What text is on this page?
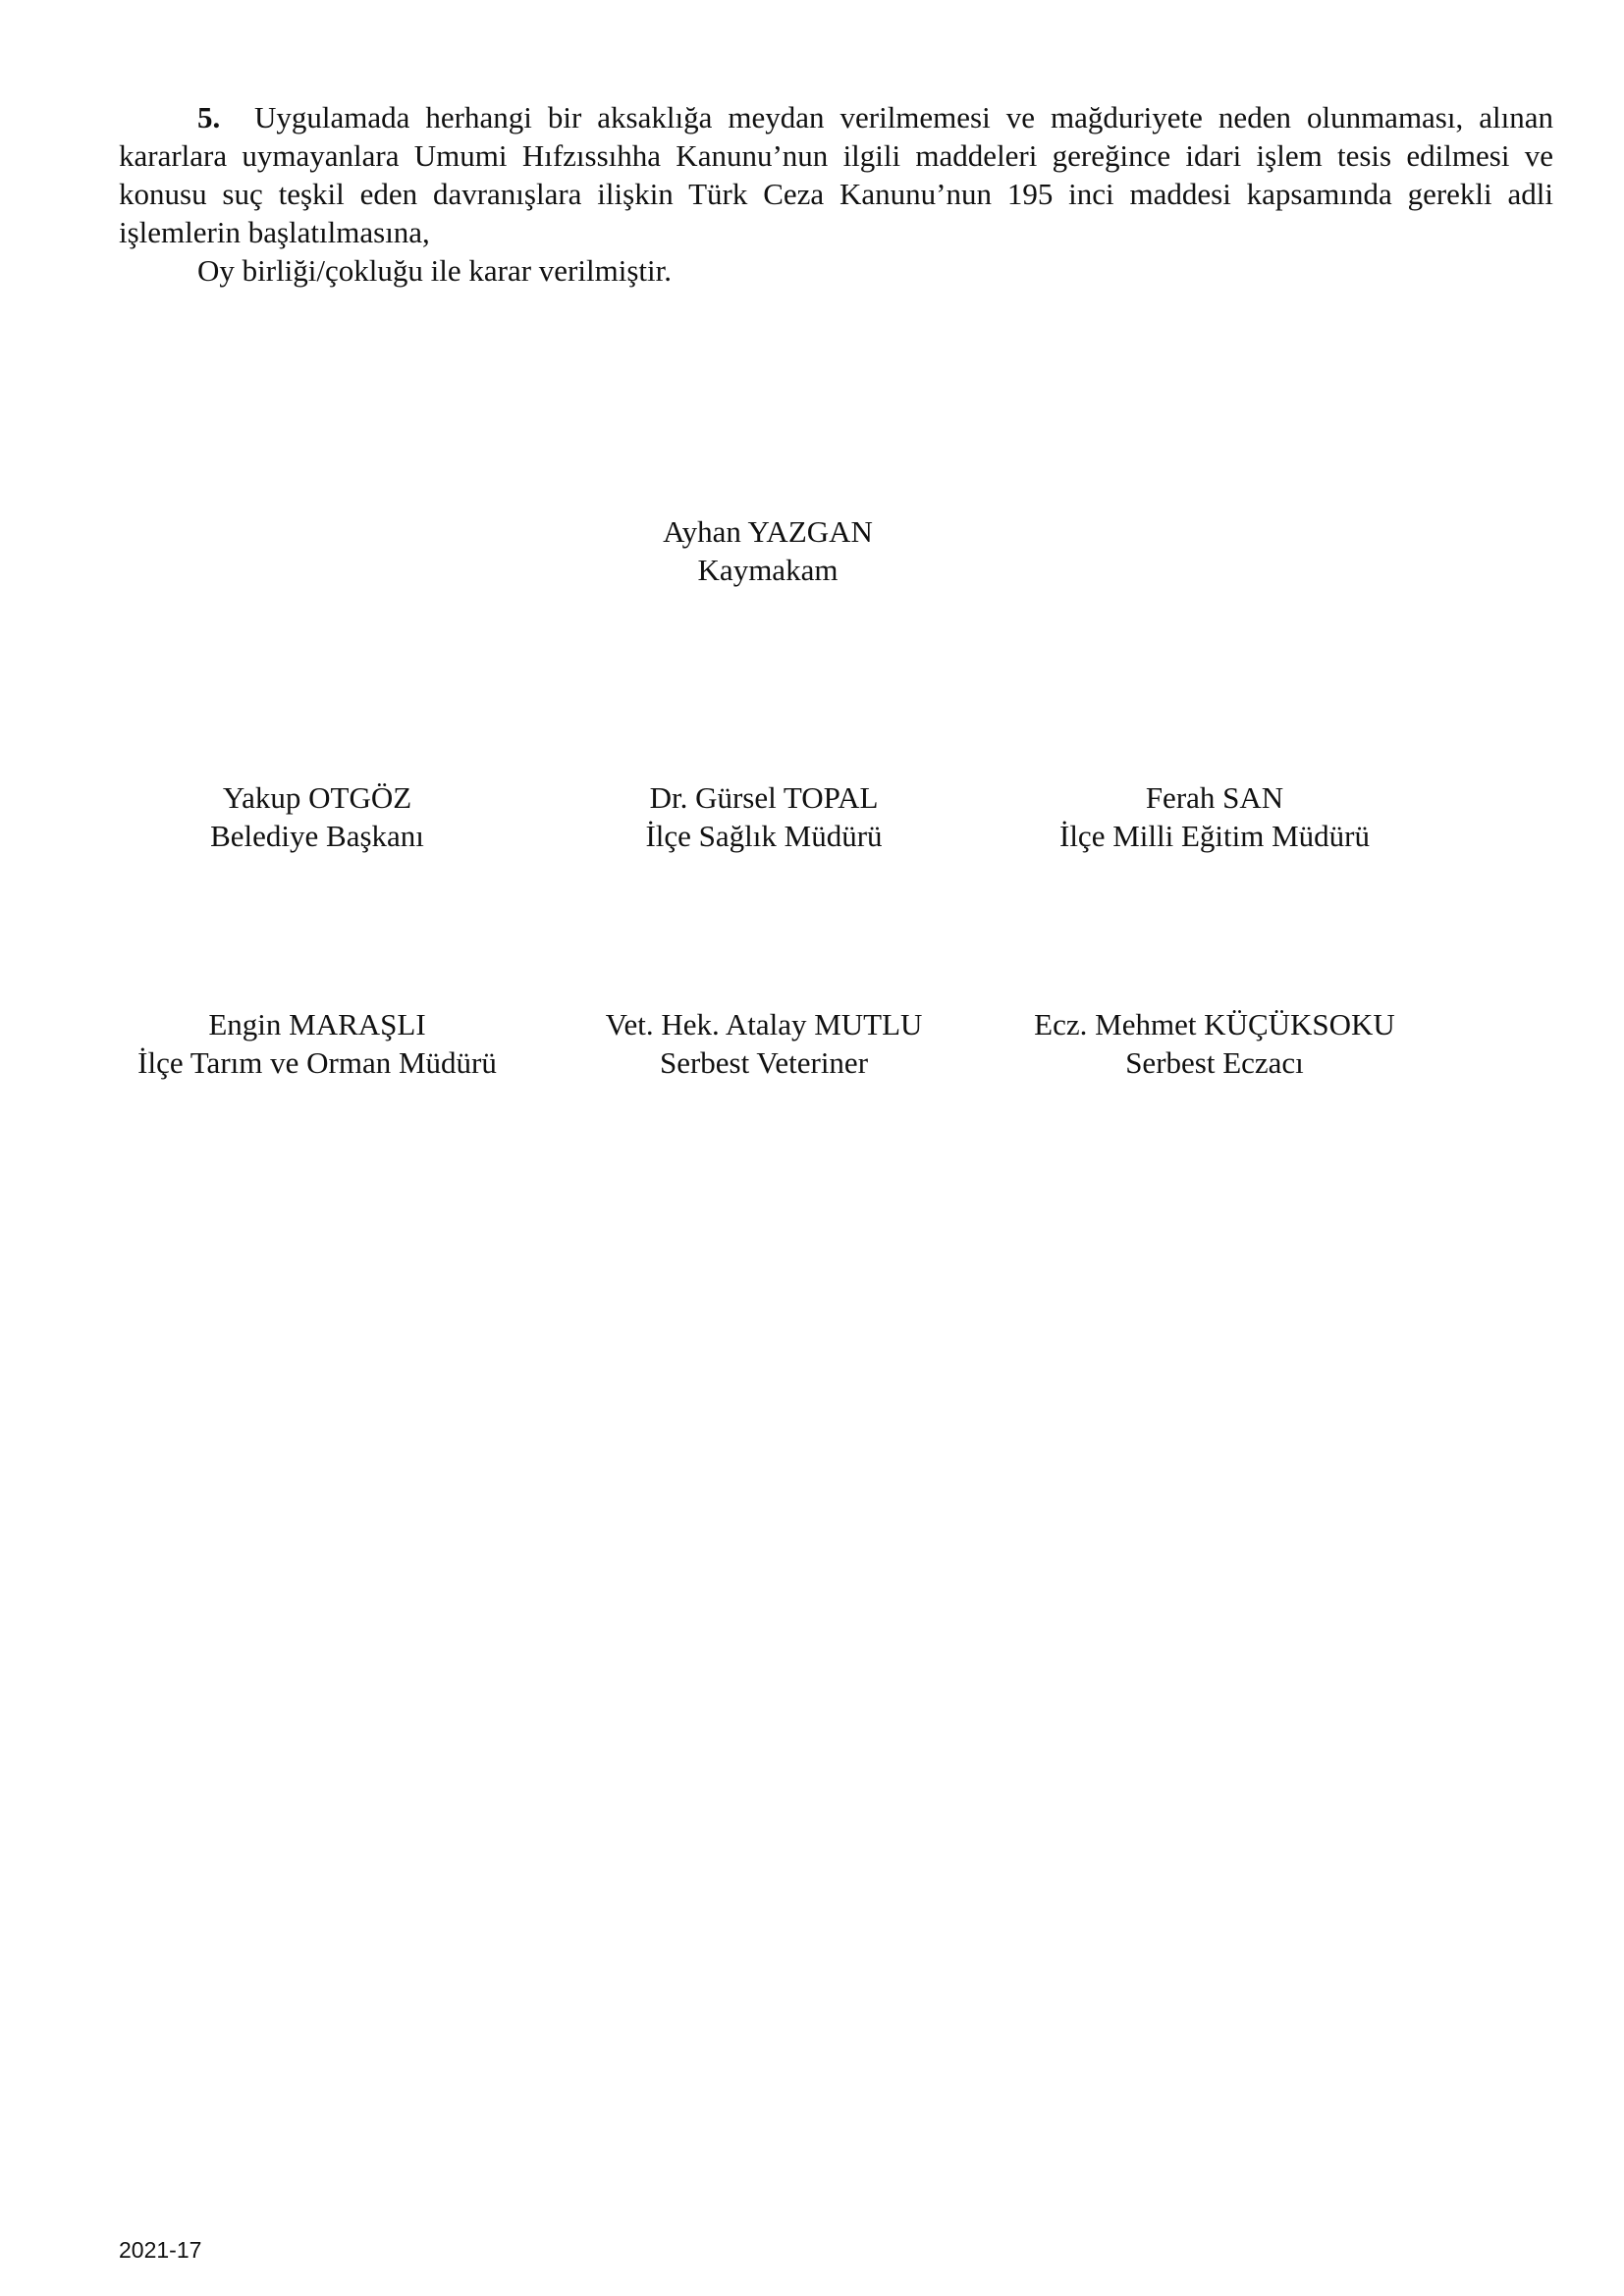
5. Uygulamada herhangi bir aksaklığa meydan verilmemesi ve mağduriyete neden olunmaması, alınan kararlara uymayanlara Umumi Hıfzıssıhha Kanunu’nun ilgili maddeleri gereğince idari işlem tesis edilmesi ve konusu suç teşkil eden davranışlara ilişkin Türk Ceza Kanunu’nun 195 inci maddesi kapsamında gerekli adli işlemlerin başlatılmasına,

Oy birliği/çokluğu ile karar verilmiştir.

Ayhan YAZGAN
Kaymakam
Yakup OTGÖZ
Belediye Başkanı
Dr. Gürsel TOPAL
İlçe Sağlık Müdürü
Ferah SAN
İlçe Milli Eğitim Müdürü
Engin MARAŞLI
İlçe Tarım ve Orman Müdürü
Vet. Hek. Atalay MUTLU
Serbest Veteriner
Ecz. Mehmet KÜÇÜKSOKU
Serbest Eczacı
2021-17
